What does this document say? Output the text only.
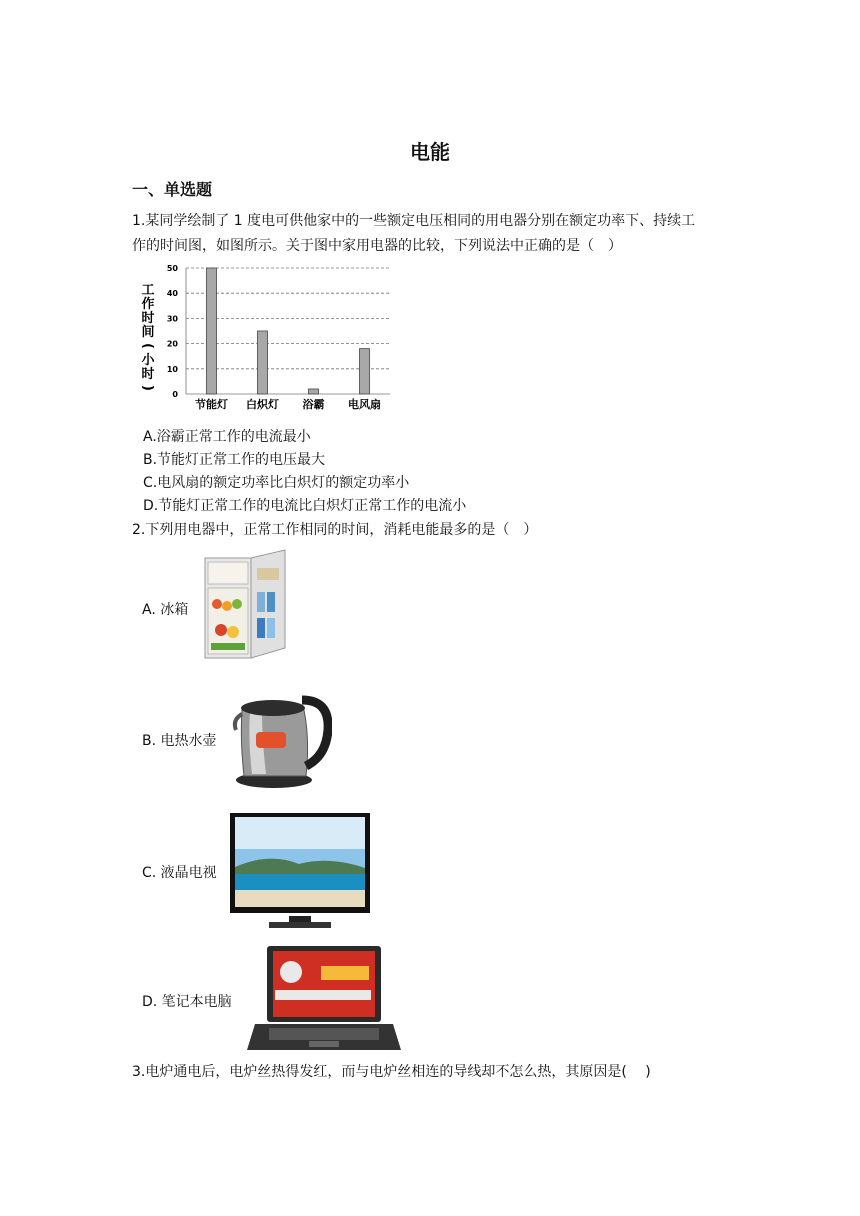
电能
一、单选题
1.某同学绘制了 1 度电可供他家中的一些额定电压相同的用电器分别在额定功率下、持续工
作的时间图，如图所示。关于图中家用电器的比较，下列说法中正确的是（　）
0
10
20
30
40
50
节能灯 白炽灯 浴霸 电风扇
工
作
时
间
(
小
时
)
A.浴霸正常工作的电流最小
B.节能灯正常工作的电压最大
C.电风扇的额定功率比白炽灯的额定功率小
D.节能灯正常工作的电流比白炽灯正常工作的电流小
2.下列用电器中，正常工作相同的时间，消耗电能最多的是（　）
A. 冰箱
B. 电热水壶
C. 液晶电视
D. 笔记本电脑
3.电炉通电后，电炉丝热得发红，而与电炉丝相连的导线却不怎么热，其原因是(　 )
